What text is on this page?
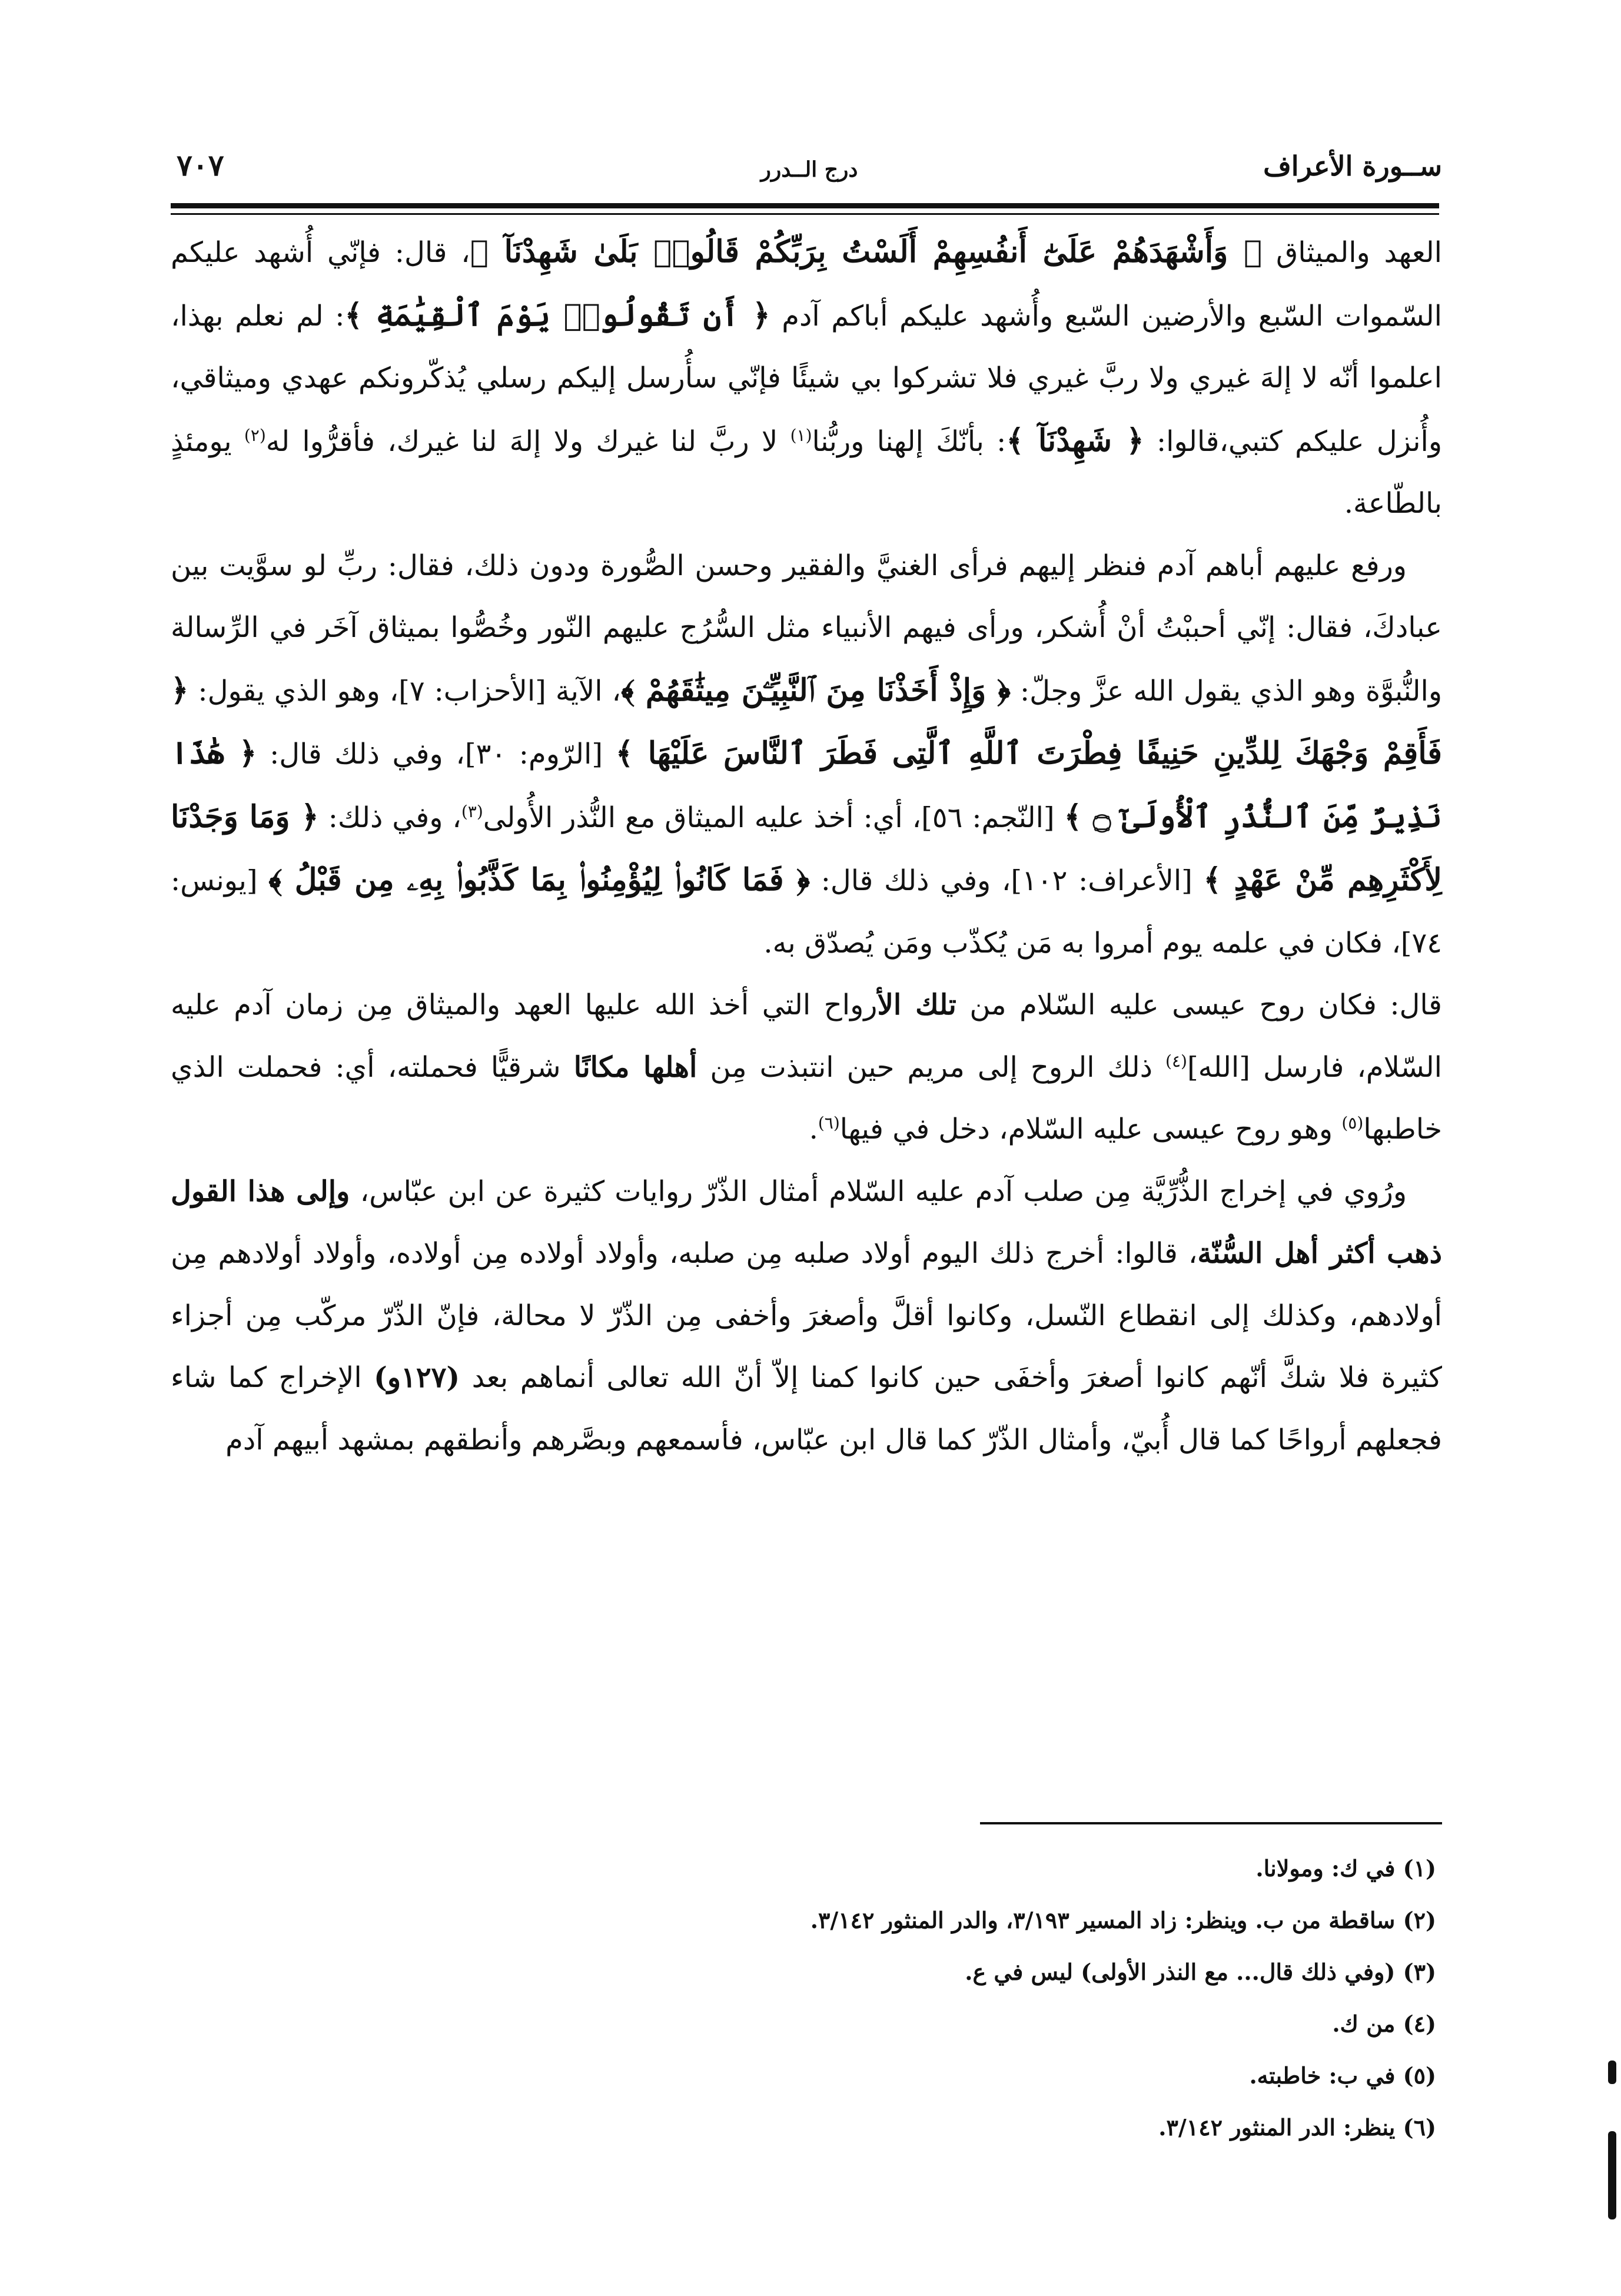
ســورة الأعراف
درج الــدرر
٧٠٧

العهد والميثاق ﴿ وَأَشْهَدَهُمْ عَلَىٰٓ أَنفُسِهِمْ أَلَسْتُ بِرَبِّكُمْ قَالُوا۟ بَلَىٰ شَهِدْنَآ ﴾، قال: فإنّي أُشهد عليكم السّموات السّبع والأرضين السّبع وأُشهد عليكم أباكم آدم ﴿ أَن تَقُولُوا۟ يَوْمَ ٱلْقِيَٰمَةِ ﴾: لم نعلم بهذا، اعلموا أنّه لا إلهَ غيري ولا ربَّ غيري فلا تشركوا بي شيئًا فإنّي سأُرسل إليكم رسلي يُذكّرونكم عهدي وميثاقي، وأُنزل عليكم كتبي،قالوا: ﴿ شَهِدْنَآ ﴾: بأنّكَ إلهنا وربُّنا$^{(١)}$ لا ربَّ لنا غيرك ولا إلهَ لنا غيرك، فأقرُّوا له$^{(٢)}$ يومئذٍ بالطّاعة.

ورفع عليهم أباهم آدم فنظر إليهم فرأى الغنيَّ والفقير وحسن الصُّورة ودون ذلك، فقال: ربِّ لو سوَّيت بين عبادكَ، فقال: إنّي أحببْتُ أنْ أُشكر، ورأى فيهم الأنبياء مثل السُّرُج عليهم النّور وخُصُّوا بميثاق آخَر في الرِّسالة والنُّبوَّة وهو الذي يقول الله عزَّ وجلّ: ﴿ وَإِذْ أَخَذْنَا مِنَ ٱلنَّبِيِّـۧنَ مِيثَٰقَهُمْ ﴾، الآية [الأحزاب: ٧]، وهو الذي يقول: ﴿ فَأَقِمْ وَجْهَكَ لِلدِّينِ حَنِيفًا فِطْرَتَ ٱللَّهِ ٱلَّتِى فَطَرَ ٱلنَّاسَ عَلَيْهَا ﴾ [الرّوم: ٣٠]، وفي ذلك قال: ﴿ هَٰذَا نَذِيرٌ مِّنَ ٱلنُّذُرِ ٱلْأُولَىٰٓ ۝ ﴾ [النّجم: ٥٦]، أي: أخذ عليه الميثاق مع النُّذر الأُولى$^{(٣)}$، وفي ذلك: ﴿ وَمَا وَجَدْنَا لِأَكْثَرِهِم مِّنْ عَهْدٍ ﴾ [الأعراف: ١٠٢]، وفي ذلك قال: ﴿ فَمَا كَانُوا۟ لِيُؤْمِنُوا۟ بِمَا كَذَّبُوا۟ بِهِۦ مِن قَبْلُ ﴾ [يونس: ٧٤]، فكان في علمه يوم أمروا به مَن يُكذّب ومَن يُصدّق به.

قال: فكان روح عيسى عليه السّلام من تلك الأرواح التي أخذ الله عليها العهد والميثاق مِن زمان آدم عليه السّلام، فارسل [الله]$^{(٤)}$ ذلك الروح إلى مريم حين انتبذت مِن أهلها مكانًا شرقيًّا فحملته، أي: فحملت الذي خاطبها$^{(٥)}$ وهو روح عيسى عليه السّلام، دخل في فيها$^{(٦)}$.

ورُوي في إخراج الذُّرِّيَّة مِن صلب آدم عليه السّلام أمثال الذّرّ روايات كثيرة عن ابن عبّاس، وإلى هذا القول ذهب أكثر أهل السُّنّة، قالوا: أخرج ذلك اليوم أولاد صلبه مِن صلبه، وأولاد أولاده مِن أولاده، وأولاد أولادهم مِن أولادهم، وكذلك إلى انقطاع النّسل، وكانوا أقلَّ وأصغرَ وأخفى مِن الذّرّ لا محالة، فإنّ الذّرّ مركّب مِن أجزاء كثيرة فلا شكَّ أنّهم كانوا أصغرَ وأخفَى حين كانوا كمنا إلاّ أنّ الله تعالى أنماهم بعد (١٢٧و) الإخراج كما شاء فجعلهم أرواحًا كما قال أُبيّ، وأمثال الذّرّ كما قال ابن عبّاس، فأسمعهم وبصَّرهم وأنطقهم بمشهد أبيهم آدم

(١) في ك: ومولانا.
(٢) ساقطة من ب. وينظر: زاد المسير ٣/١٩٣، والدر المنثور ٣/١٤٢.
(٣) (وفي ذلك قال... مع النذر الأولى) ليس في ع.
(٤) من ك.
(٥) في ب: خاطبته.
(٦) ينظر: الدر المنثور ٣/١٤٢.
